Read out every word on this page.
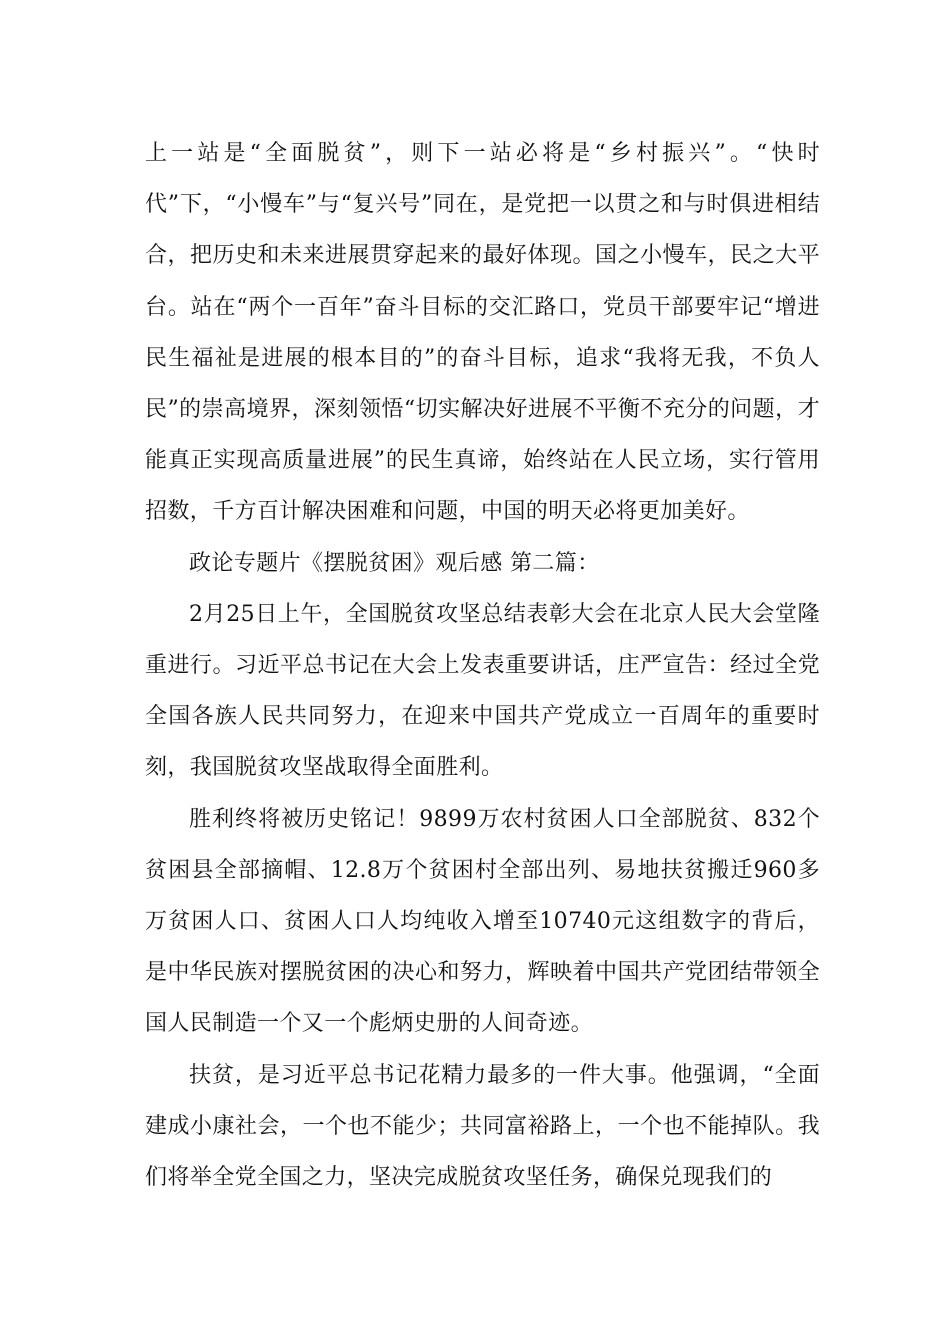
上一站是“全面脱贫”，则下一站必将是“乡村振兴”。“快时代”下，“小慢车”与“复兴号”同在，是党把一以贯之和与时俱进相结合，把历史和未来进展贯穿起来的最好体现。国之小慢车，民之大平台。站在“两个一百年”奋斗目标的交汇路口，党员干部要牢记“增进民生福祉是进展的根本目的”的奋斗目标，追求“我将无我，不负人民”的崇高境界，深刻领悟“切实解决好进展不平衡不充分的问题，才能真正实现高质量进展”的民生真谛，始终站在人民立场，实行管用招数，千方百计解决困难和问题，中国的明天必将更加美好。

政论专题片《摆脱贫困》观后感 第二篇：

2月25日上午，全国脱贫攻坚总结表彰大会在北京人民大会堂隆重进行。习近平总书记在大会上发表重要讲话，庄严宣告：经过全党全国各族人民共同努力，在迎来中国共产党成立一百周年的重要时刻，我国脱贫攻坚战取得全面胜利。

胜利终将被历史铭记！9899万农村贫困人口全部脱贫、832个贫困县全部摘帽、12.8万个贫困村全部出列、易地扶贫搬迁960多万贫困人口、贫困人口人均纯收入增至10740元这组数字的背后，是中华民族对摆脱贫困的决心和努力，辉映着中国共产党团结带领全国人民制造一个又一个彪炳史册的人间奇迹。

扶贫，是习近平总书记花精力最多的一件大事。他强调，“全面建成小康社会，一个也不能少；共同富裕路上，一个也不能掉队。我们将举全党全国之力，坚决完成脱贫攻坚任务，确保兑现我们的
